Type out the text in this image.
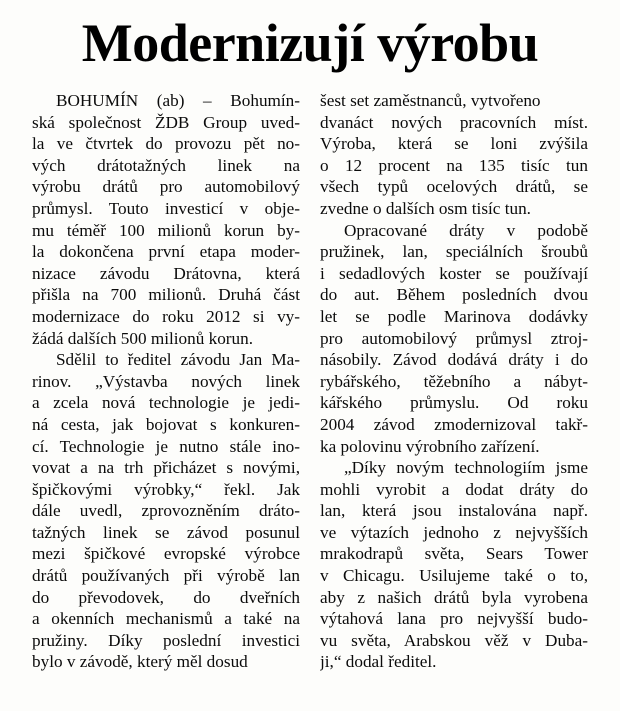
Modernizují výrobu
BOHUMÍN (ab) – Bohumín-
ská společnost ŽDB Group uved-
la ve čtvrtek do provozu pět no-
vých drátotažných linek na
výrobu drátů pro automobilový
průmysl. Touto investicí v obje-
mu téměř 100 milionů korun by-
la dokončena první etapa moder-
nizace závodu Drátovna, která
přišla na 700 milionů. Druhá část
modernizace do roku 2012 si vy-
žádá dalších 500 milionů korun.
Sdělil to ředitel závodu Jan Ma-
rinov. „Výstavba nových linek
a zcela nová technologie je jedi-
ná cesta, jak bojovat s konkuren-
cí. Technologie je nutno stále ino-
vovat a na trh přicházet s novými,
špičkovými výrobky,“ řekl. Jak
dále uvedl, zprovozněním dráto-
tažných linek se závod posunul
mezi špičkové evropské výrobce
drátů používaných při výrobě lan
do převodovek, do dveřních
a okenních mechanismů a také na
pružiny. Díky poslední investici
bylo v závodě, který měl dosud
šest set zaměstnanců, vytvořeno
dvanáct nových pracovních míst.
Výroba, která se loni zvýšila
o 12 procent na 135 tisíc tun
všech typů ocelových drátů, se
zvedne o dalších osm tisíc tun.
Opracované dráty v podobě
pružinek, lan, speciálních šroubů
i sedadlových koster se používají
do aut. Během posledních dvou
let se podle Marinova dodávky
pro automobilový průmysl ztroj-
násobily. Závod dodává dráty i do
rybářského, těžebního a nábyt-
kářského průmyslu. Od roku
2004 závod zmodernizoval takř-
ka polovinu výrobního zařízení.
„Díky novým technologiím jsme
mohli vyrobit a dodat dráty do
lan, která jsou instalována např.
ve výtazích jednoho z nejvyšších
mrakodrapů světa, Sears Tower
v Chicagu. Usilujeme také o to,
aby z našich drátů byla vyrobena
výtahová lana pro nejvyšší budo-
vu světa, Arabskou věž v Duba-
ji,“ dodal ředitel.
